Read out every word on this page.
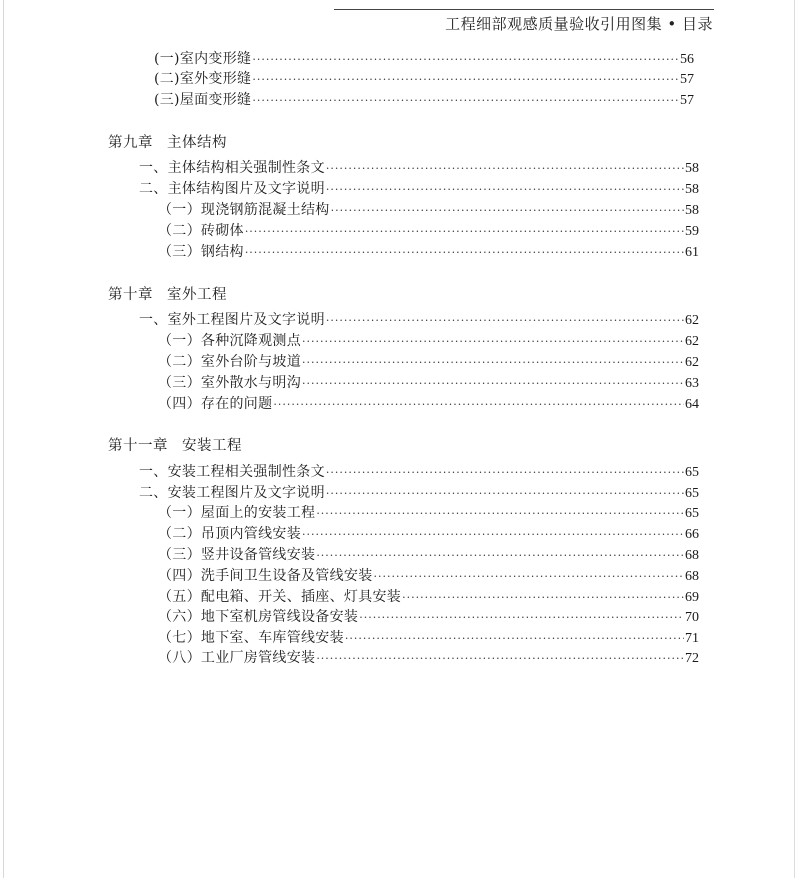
工程细部观感质量验收引用图集 • 目录
(一)室内变形缝 ·····	56
(二)室外变形缝 ·····	57
(三)屋面变形缝 ·····	57
第九章 主体结构
一、主体结构相关强制性条文 ·····	58
二、主体结构图片及文字说明 ·····	58
（一）现浇钢筋混凝土结构 ·····	58
（二）砖砌体 ·····	59
（三）钢结构 ·····	61
第十章 室外工程
一、室外工程图片及文字说明 ·····	62
（一）各种沉降观测点 ·····	62
（二）室外台阶与坡道 ·····	62
（三）室外散水与明沟 ·····	63
（四）存在的问题 ·····	64
第十一章 安装工程
一、安装工程相关强制性条文 ·····	65
二、安装工程图片及文字说明 ·····	65
（一）屋面上的安装工程 ·····	65
（二）吊顶内管线安装 ·····	66
（三）竖井设备管线安装 ·····	68
（四）洗手间卫生设备及管线安装 ·····	68
（五）配电箱、开关、插座、灯具安装 ·····	69
（六）地下室机房管线设备安装 ·····	70
（七）地下室、车库管线安装 ·····	71
（八）工业厂房管线安装 ·····	72
